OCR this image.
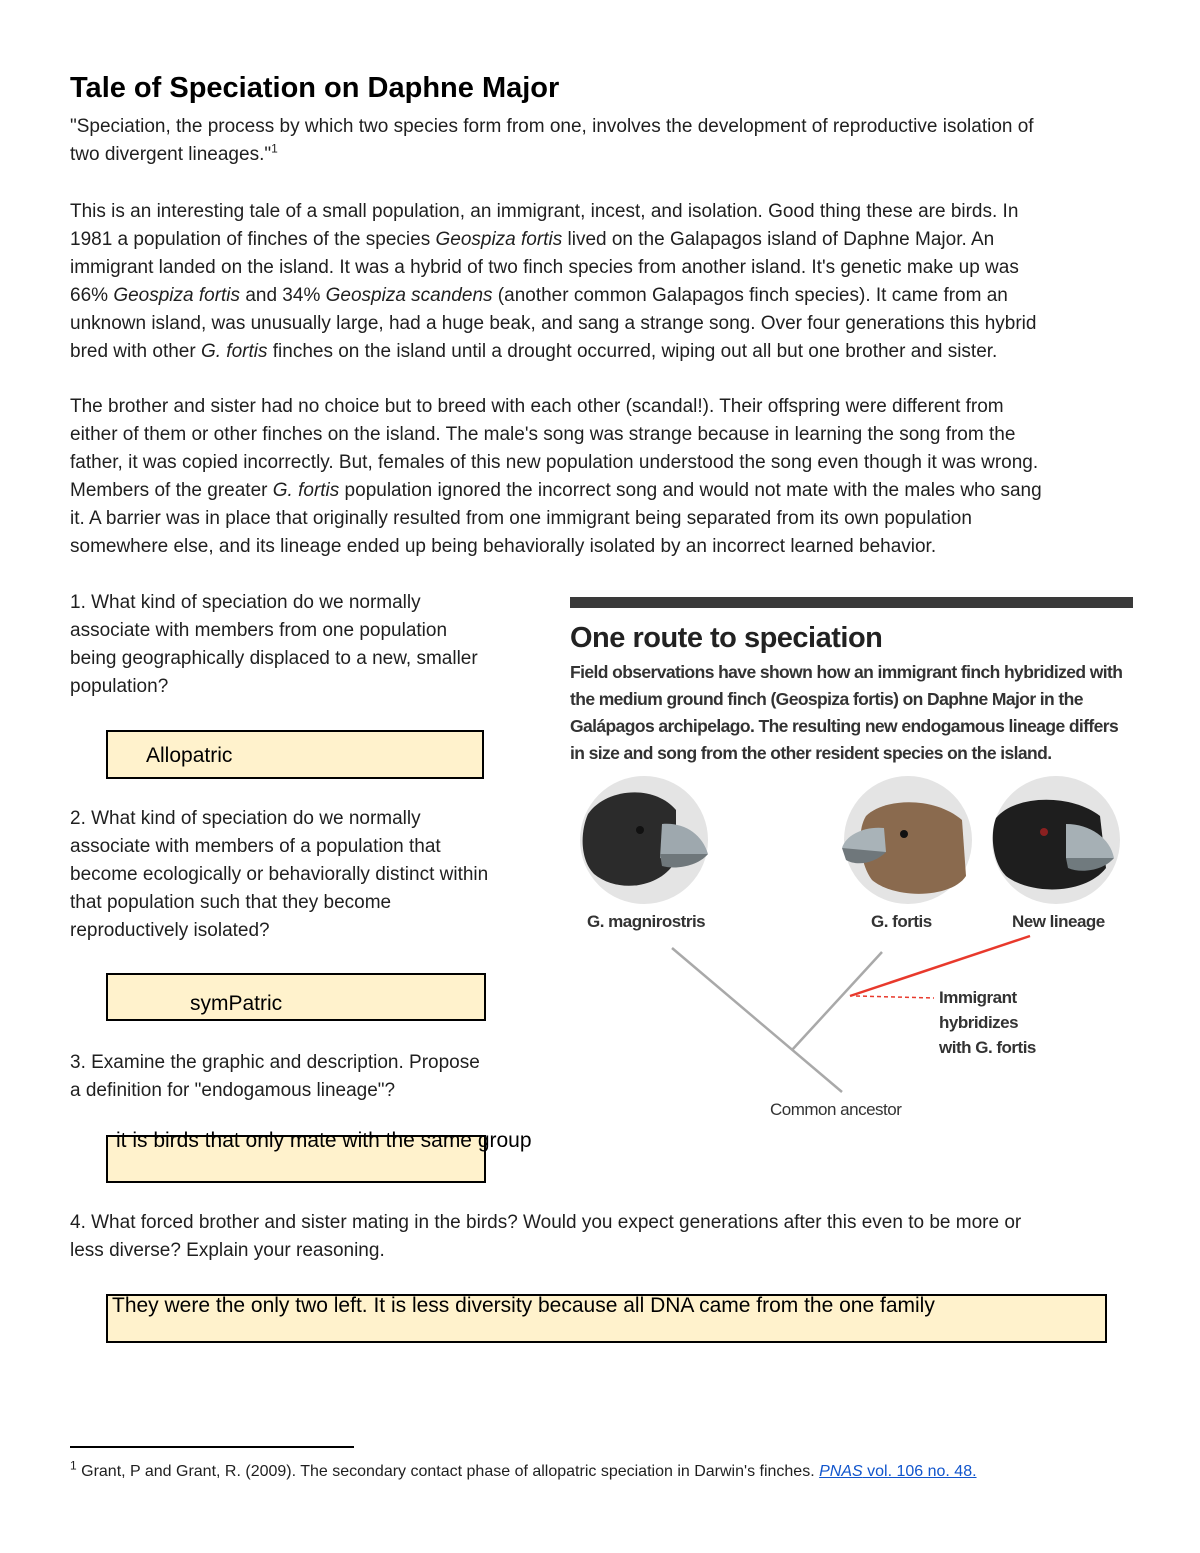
Tale of Speciation on Daphne Major
"Speciation, the process by which two species form from one, involves the development of reproductive isolation of
two divergent lineages."$^1$
This is an interesting tale of a small population, an immigrant, incest, and isolation. Good thing these are birds. In
1981 a population of finches of the species Geospiza fortis lived on the Galapagos island of Daphne Major. An
immigrant landed on the island. It was a hybrid of two finch species from another island. It's genetic make up was
66% Geospiza fortis and 34% Geospiza scandens (another common Galapagos finch species). It came from an
unknown island, was unusually large, had a huge beak, and sang a strange song. Over four generations this hybrid
bred with other G. fortis finches on the island until a drought occurred, wiping out all but one brother and sister.
The brother and sister had no choice but to breed with each other (scandal!). Their offspring were different from
either of them or other finches on the island. The male's song was strange because in learning the song from the
father, it was copied incorrectly. But, females of this new population understood the song even though it was wrong.
Members of the greater G. fortis population ignored the incorrect song and would not mate with the males who sang
it. A barrier was in place that originally resulted from one immigrant being separated from its own population
somewhere else, and its lineage ended up being behaviorally isolated by an incorrect learned behavior.
1. What kind of speciation do we normally
associate with members from one population
being geographically displaced to a new, smaller
population?
Allopatric
2. What kind of speciation do we normally
associate with members of a population that
become ecologically or behaviorally distinct within
that population such that they become
reproductively isolated?
symPatric
3. Examine the graphic and description. Propose
a definition for "endogamous lineage"?
it is birds that only mate with the same group
4. What forced brother and sister mating in the birds? Would you expect generations after this even to be more or
less diverse? Explain your reasoning.
They were the only two left. It is less diversity because all DNA came from the one family
One route to speciation
Field observations have shown how an immigrant finch hybridized with
the medium ground finch (Geospiza fortis) on Daphne Major in the
Galápagos archipelago. The resulting new endogamous lineage differs
in size and song from the other resident species on the island.
G. magnirostris	G. fortis	New lineage
Immigrant
hybridizes
with G. fortis
Common ancestor
$^1$ Grant, P and Grant, R. (2009). The secondary contact phase of allopatric speciation in Darwin's finches. PNAS vol. 106 no. 48.
